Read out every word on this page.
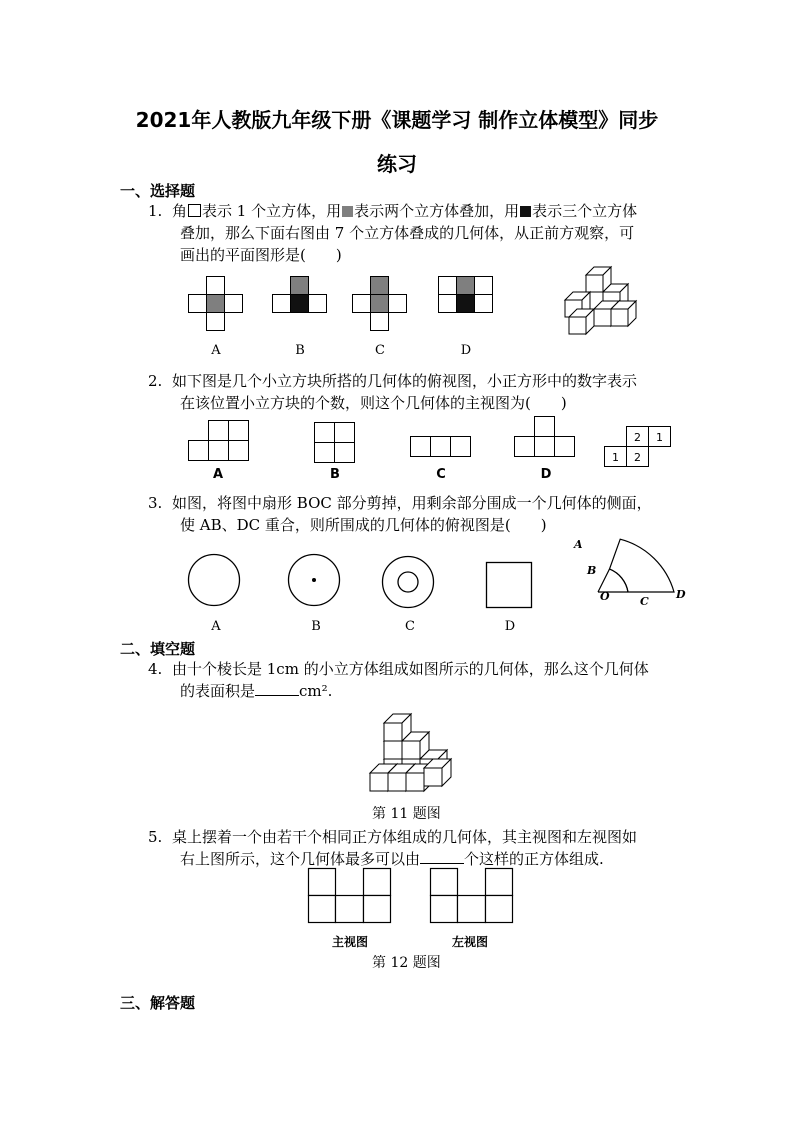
2021年人教版九年级下册《课题学习 制作立体模型》同步
练习
一、选择题
1. 角 表示 1 个立方体，用 表示两个立方体叠加，用 表示三个立方体
叠加，那么下面右图由 7 个立方体叠成的几何体，从正前方观察，可
画出的平面图形是(　　)
A	B	C	D
2. 如下图是几个小立方块所搭的几何体的俯视图，小正方形中的数字表示
在该位置小立方块的个数，则这个几何体的主视图为(　　)
2 1
1 2
A	B	C	D
3. 如图，将图中扇形 BOC 部分剪掉，用剩余部分围成一个几何体的侧面，
使 AB、DC 重合，则所围成的几何体的俯视图是(　　)
A
B
O	C
D
A	B	C	D
二、填空题
4. 由十个棱长是 1cm 的小立方体组成如图所示的几何体，那么这个几何体
的表面积是	cm².
第 11 题图
5. 桌上摆着一个由若干个相同正方体组成的几何体，其主视图和左视图如
右上图所示，这个几何体最多可以由	个这样的正方体组成.
主视图	左视图
第 12 题图
三、解答题
